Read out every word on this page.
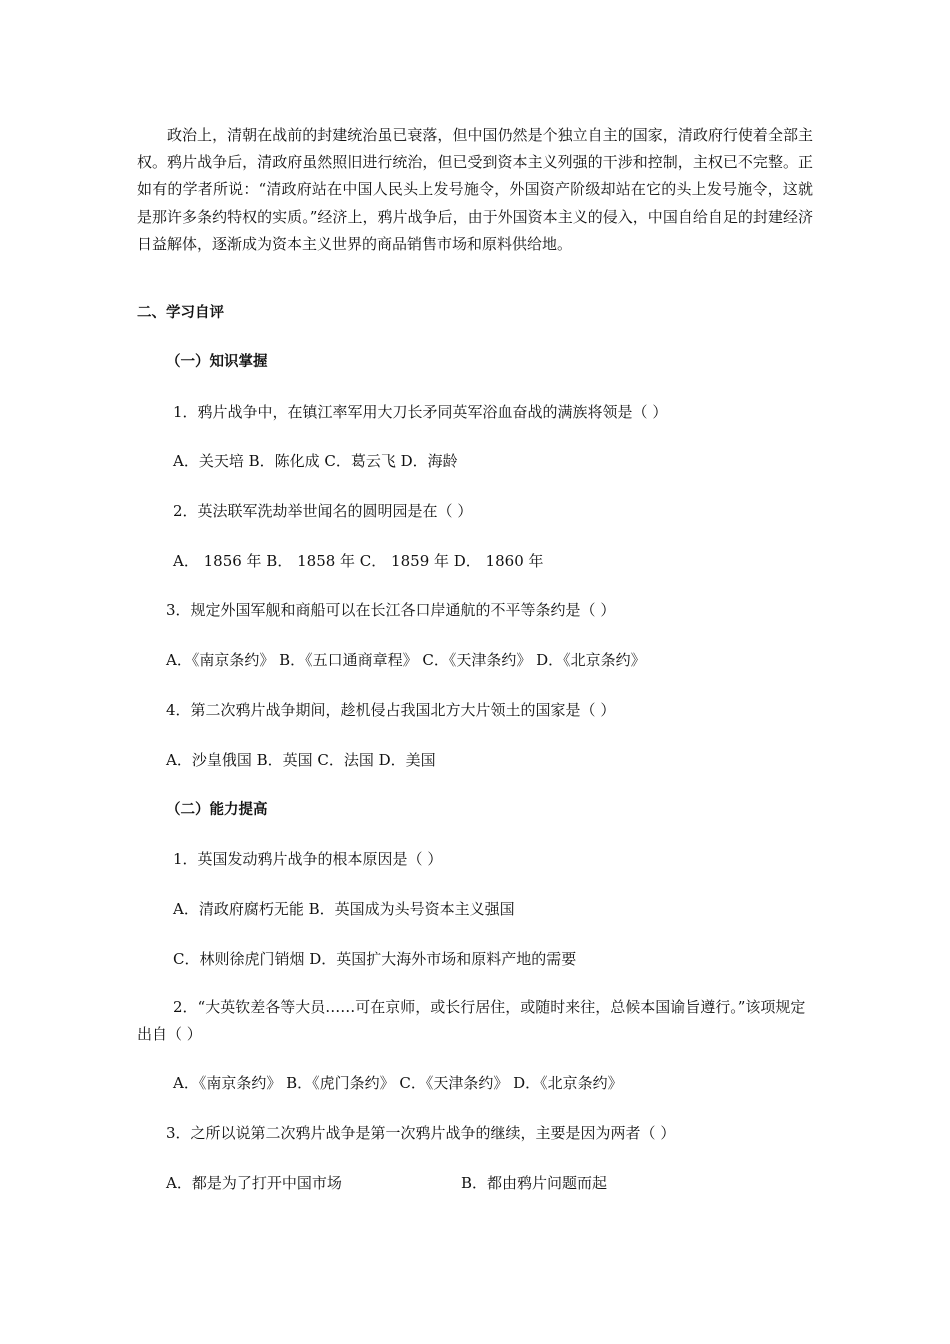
政治上，清朝在战前的封建统治虽已衰落，但中国仍然是个独立自主的国家，清政府行使着全部主权。鸦片战争后，清政府虽然照旧进行统治，但已受到资本主义列强的干涉和控制，主权已不完整。正如有的学者所说：“清政府站在中国人民头上发号施令，外国资产阶级却站在它的头上发号施令，这就是那许多条约特权的实质。”经济上，鸦片战争后，由于外国资本主义的侵入，中国自给自足的封建经济日益解体，逐渐成为资本主义世界的商品销售市场和原料供给地。

二、学习自评

（一）知识掌握

1．鸦片战争中，在镇江率军用大刀长矛同英军浴血奋战的满族将领是（ ）

A．关天培 B．陈化成 C．葛云飞 D．海龄

2．英法联军洗劫举世闻名的圆明园是在（ ）

A． 1856 年 B． 1858 年 C． 1859 年 D． 1860 年

3．规定外国军舰和商船可以在长江各口岸通航的不平等条约是（ ）

A．《南京条约》 B．《五口通商章程》 C．《天津条约》 D．《北京条约》

4．第二次鸦片战争期间，趁机侵占我国北方大片领土的国家是（ ）

A．沙皇俄国 B．英国 C．法国 D．美国

（二）能力提高

1．英国发动鸦片战争的根本原因是（ ）

A．清政府腐朽无能 B．英国成为头号资本主义强国

C．林则徐虎门销烟 D．英国扩大海外市场和原料产地的需要

2．“大英钦差各等大员……可在京师，或长行居住，或随时来往，总候本国谕旨遵行。”该项规定出自（ ）

A．《南京条约》 B．《虎门条约》 C．《天津条约》 D．《北京条约》

3．之所以说第二次鸦片战争是第一次鸦片战争的继续，主要是因为两者（ ）

A．都是为了打开中国市场	B．都由鸦片问题而起
